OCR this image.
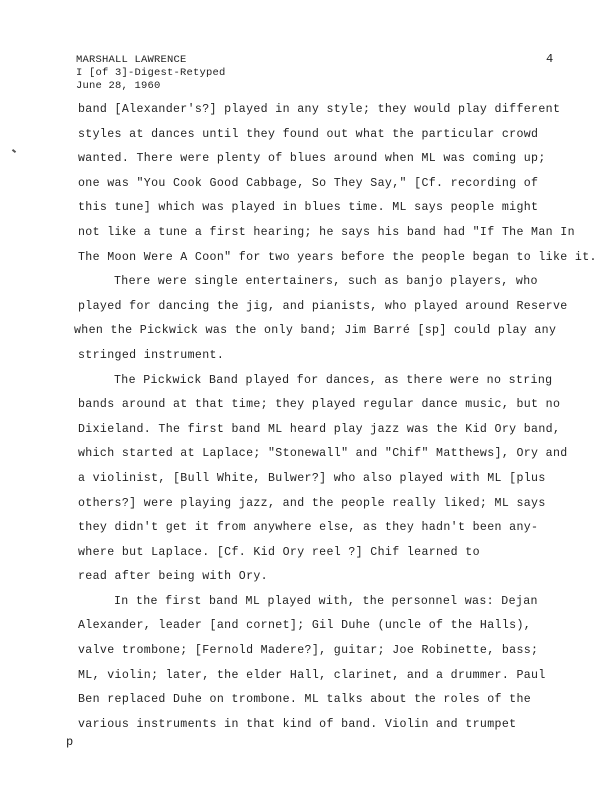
MARSHALL LAWRENCE
I [of 3]-Digest-Retyped
June 28, 1960
4
band [Alexander's?] played in any style; they would play different
styles at dances until they found out what the particular crowd
wanted. There were plenty of blues around when ML was coming up;
one was "You Cook Good Cabbage, So They Say," [Cf. recording of
this tune] which was played in blues time. ML says people might
not like a tune a first hearing; he says his band had "If The Man In
The Moon Were A Coon" for two years before the people began to like it.
There were single entertainers, such as banjo players, who
played for dancing the jig, and pianists, who played around Reserve
when the Pickwick was the only band; Jim Barré [sp] could play any
stringed instrument.
The Pickwick Band played for dances, as there were no string
bands around at that time; they played regular dance music, but no
Dixieland. The first band ML heard play jazz was the Kid Ory band,
which started at Laplace; "Stonewall" and "Chif" Matthews], Ory and
a violinist, [Bull White, Bulwer?] who also played with ML [plus
others?] were playing jazz, and the people really liked; ML says
they didn't get it from anywhere else, as they hadn't been any-
where but Laplace. [Cf. Kid Ory reel ?] Chif learned to
read after being with Ory.
In the first band ML played with, the personnel was: Dejan
Alexander, leader [and cornet]; Gil Duhe (uncle of the Halls),
valve trombone; [Fernold Madere?], guitar; Joe Robinette, bass;
ML, violin; later, the elder Hall, clarinet, and a drummer. Paul
Ben replaced Duhe on trombone. ML talks about the roles of the
various instruments in that kind of band. Violin and trumpet
p
